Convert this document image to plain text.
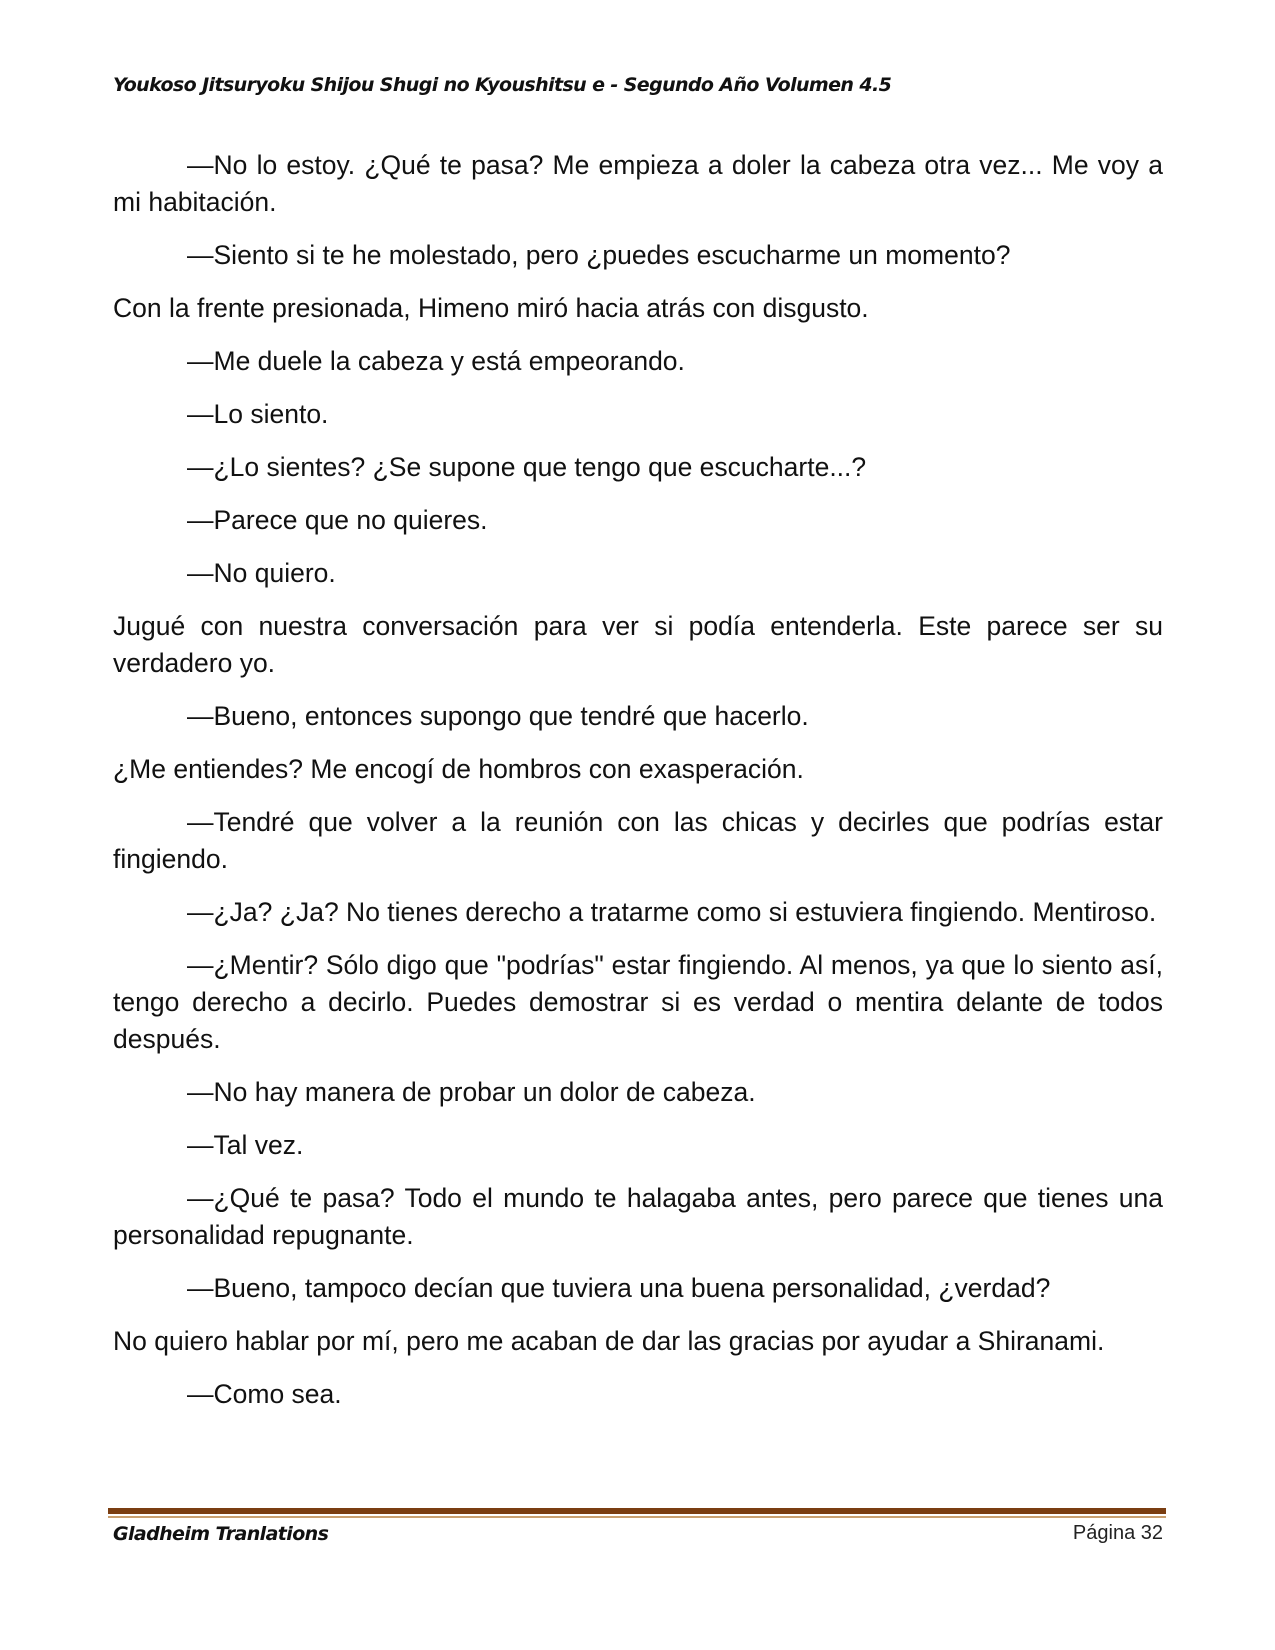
Youkoso Jitsuryoku Shijou Shugi no Kyoushitsu e - Segundo Año Volumen 4.5

—No lo estoy. ¿Qué te pasa? Me empieza a doler la cabeza otra vez... Me voy a mi habitación.

—Siento si te he molestado, pero ¿puedes escucharme un momento?

Con la frente presionada, Himeno miró hacia atrás con disgusto.

—Me duele la cabeza y está empeorando.

—Lo siento.

—¿Lo sientes? ¿Se supone que tengo que escucharte...?

—Parece que no quieres.

—No quiero.

Jugué con nuestra conversación para ver si podía entenderla. Este parece ser su verdadero yo.

—Bueno, entonces supongo que tendré que hacerlo.

¿Me entiendes? Me encogí de hombros con exasperación.

—Tendré que volver a la reunión con las chicas y decirles que podrías estar fingiendo.

—¿Ja? ¿Ja? No tienes derecho a tratarme como si estuviera fingiendo. Mentiroso.

—¿Mentir? Sólo digo que "podrías" estar fingiendo. Al menos, ya que lo siento así, tengo derecho a decirlo. Puedes demostrar si es verdad o mentira delante de todos después.

—No hay manera de probar un dolor de cabeza.

—Tal vez.

—¿Qué te pasa? Todo el mundo te halagaba antes, pero parece que tienes una personalidad repugnante.

—Bueno, tampoco decían que tuviera una buena personalidad, ¿verdad?

No quiero hablar por mí, pero me acaban de dar las gracias por ayudar a Shiranami.

—Como sea.

Gladheim Tranlations	Página 32
